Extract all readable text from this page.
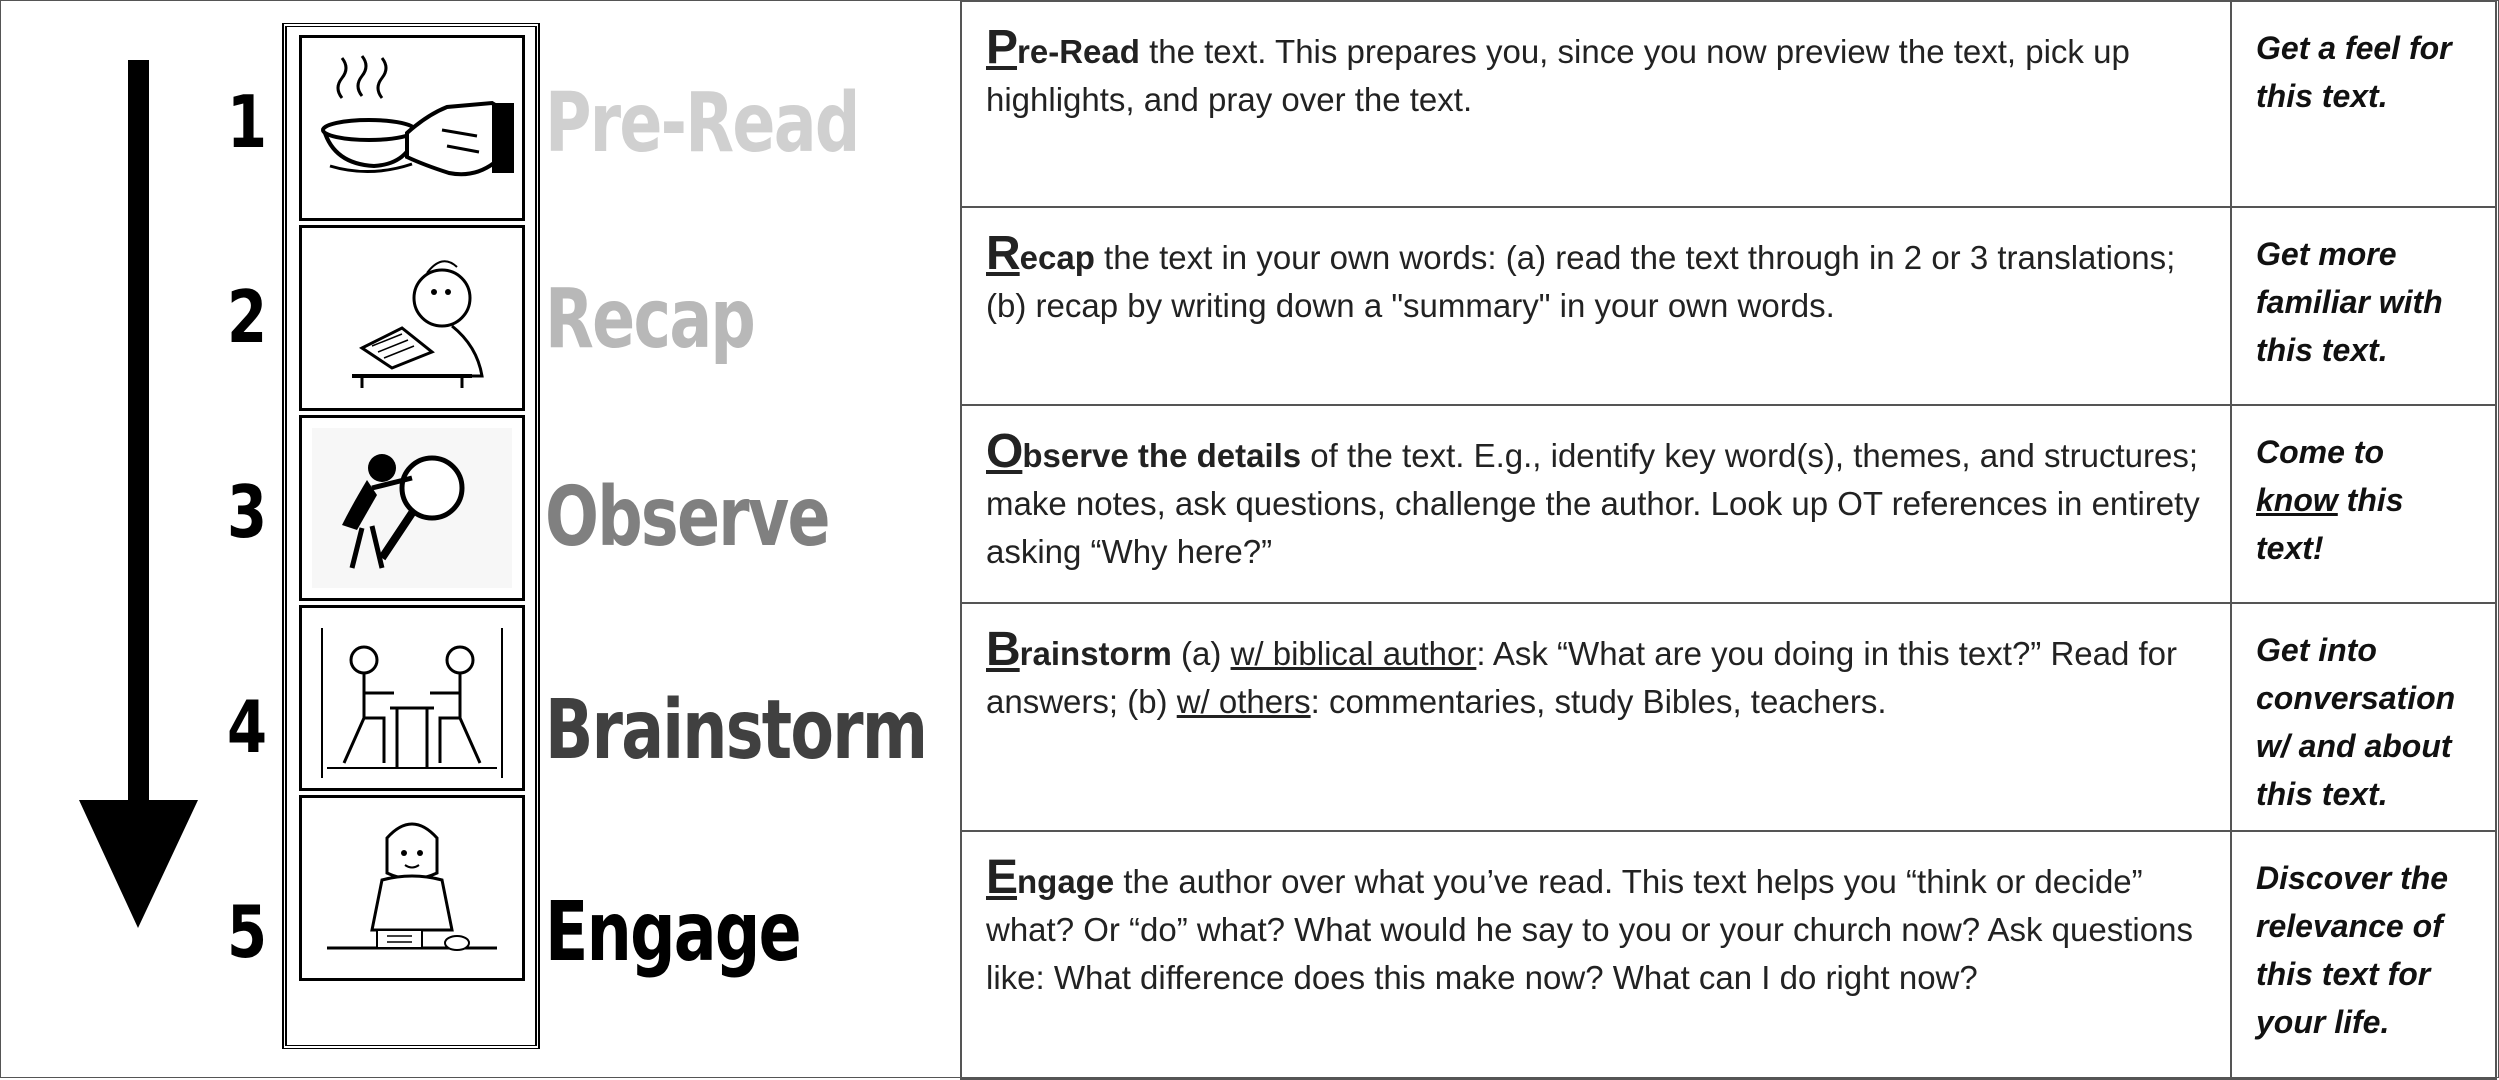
1
2
3
4
5
Pre-Read
Recap
Observe
Brainstorm
Engage
Pre-Read the text. This prepares you, since you now preview the text, pick up highlights, and pray over the text.	Get a feel for this text.
Recap the text in your own words: (a) read the text through in 2 or 3 translations; (b) recap by writing down a "summary" in your own words.	Get more familiar with this text.
Observe the details of the text. E.g., identify key word(s), themes, and structures; make notes, ask questions, challenge the author. Look up OT references in entirety asking “Why here?”	Come to know this text!
Brainstorm (a) w/ biblical author: Ask “What are you doing in this text?” Read for answers; (b) w/ others: commentaries, study Bibles, teachers.	Get into conversation w/ and about this text.
Engage the author over what you’ve read. This text helps you “think or decide” what? Or “do” what? What would he say to you or your church now? Ask questions like: What difference does this make now? What can I do right now?	Discover the relevance of this text for your life.
